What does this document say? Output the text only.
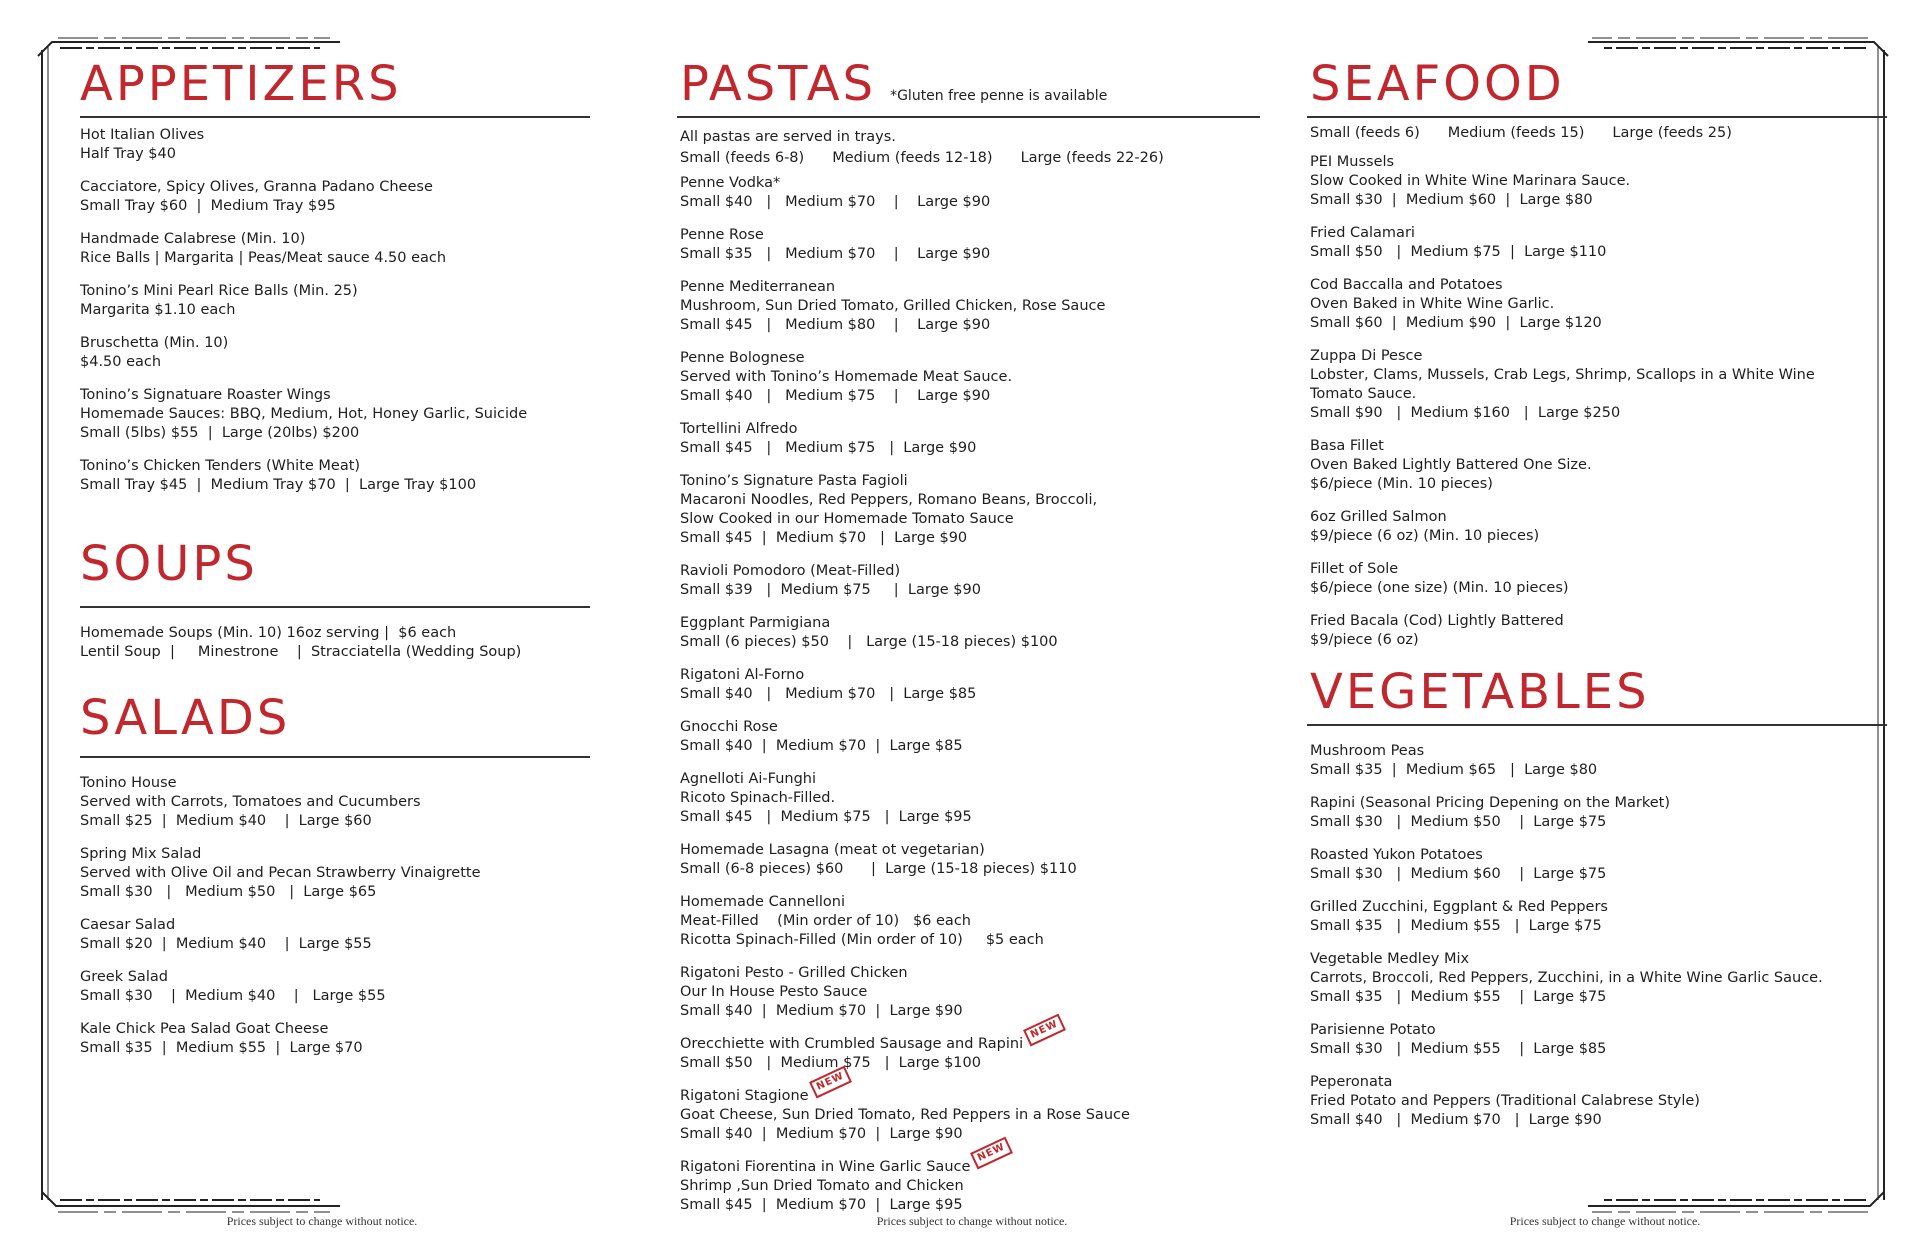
APPETIZERS
Hot Italian Olives
Half Tray $40
Cacciatore, Spicy Olives, Granna Padano Cheese
Small Tray $60  |  Medium Tray $95
Handmade Calabrese (Min. 10)
Rice Balls | Margarita | Peas/Meat sauce 4.50 each
Tonino’s Mini Pearl Rice Balls (Min. 25)
Margarita $1.10 each
Bruschetta (Min. 10)
$4.50 each
Tonino’s Signatuare Roaster Wings
Homemade Sauces: BBQ, Medium, Hot, Honey Garlic, Suicide
Small (5lbs) $55  |  Large (20lbs) $200
Tonino’s Chicken Tenders (White Meat)
Small Tray $45  |  Medium Tray $70  |  Large Tray $100
SOUPS
Homemade Soups (Min. 10) 16oz serving |  $6 each
Lentil Soup  |     Minestrone    |  Stracciatella (Wedding Soup)
SALADS
Tonino House
Served with Carrots, Tomatoes and Cucumbers
Small $25  |  Medium $40    |  Large $60
Spring Mix Salad
Served with Olive Oil and Pecan Strawberry Vinaigrette
Small $30   |   Medium $50   |  Large $65
Caesar Salad
Small $20  |  Medium $40    |  Large $55
Greek Salad
Small $30    |  Medium $40    |   Large $55
Kale Chick Pea Salad Goat Cheese
Small $35  |  Medium $55  |  Large $70
PASTAS *Gluten free penne is available
All pastas are served in trays.
Small (feeds 6-8) Medium (feeds 12-18) Large (feeds 22-26)
Penne Vodka*
Small $40   |   Medium $70    |    Large $90
Penne Rose
Small $35   |   Medium $70    |    Large $90
Penne Mediterranean
Mushroom, Sun Dried Tomato, Grilled Chicken, Rose Sauce
Small $45   |   Medium $80    |    Large $90
Penne Bolognese
Served with Tonino’s Homemade Meat Sauce.
Small $40   |   Medium $75    |    Large $90
Tortellini Alfredo
Small $45   |   Medium $75   |  Large $90
Tonino’s Signature Pasta Fagioli
Macaroni Noodles, Red Peppers, Romano Beans, Broccoli,
Slow Cooked in our Homemade Tomato Sauce
Small $45  |  Medium $70   |  Large $90
Ravioli Pomodoro (Meat-Filled)
Small $39   |  Medium $75     |  Large $90
Eggplant Parmigiana
Small (6 pieces) $50    |   Large (15-18 pieces) $100
Rigatoni Al-Forno
Small $40   |   Medium $70   |  Large $85
Gnocchi Rose
Small $40  |  Medium $70  |  Large $85
Agnelloti Ai-Funghi
Ricoto Spinach-Filled.
Small $45   |  Medium $75   |  Large $95
Homemade Lasagna (meat ot vegetarian)
Small (6-8 pieces) $60      |  Large (15-18 pieces) $110
Homemade Cannelloni
Meat-Filled    (Min order of 10)   $6 each
Ricotta Spinach-Filled (Min order of 10)     $5 each
Rigatoni Pesto - Grilled Chicken
Our In House Pesto Sauce
Small $40  |  Medium $70  |  Large $90
Orecchiette with Crumbled Sausage and Rapini
Small $50   |  Medium $75   |  Large $100
NEW
Rigatoni Stagione
Goat Cheese, Sun Dried Tomato, Red Peppers in a Rose Sauce
Small $40  |  Medium $70  |  Large $90
NEW
Rigatoni Fiorentina in Wine Garlic Sauce
Shrimp ,Sun Dried Tomato and Chicken
Small $45  |  Medium $70  |  Large $95
NEW
SEAFOOD
Small (feeds 6) Medium (feeds 15) Large (feeds 25)
PEI Mussels
Slow Cooked in White Wine Marinara Sauce.
Small $30  |  Medium $60  |  Large $80
Fried Calamari
Small $50   |  Medium $75  |  Large $110
Cod Baccalla and Potatoes
Oven Baked in White Wine Garlic.
Small $60  |  Medium $90  |  Large $120
Zuppa Di Pesce
Lobster, Clams, Mussels, Crab Legs, Shrimp, Scallops in a White Wine
Tomato Sauce.
Small $90   |  Medium $160   |  Large $250
Basa Fillet
Oven Baked Lightly Battered One Size.
$6/piece (Min. 10 pieces)
6oz Grilled Salmon
$9/piece (6 oz) (Min. 10 pieces)
Fillet of Sole
$6/piece (one size) (Min. 10 pieces)
Fried Bacala (Cod) Lightly Battered
$9/piece (6 oz)
VEGETABLES
Mushroom Peas
Small $35  |  Medium $65   |  Large $80
Rapini (Seasonal Pricing Depening on the Market)
Small $30   |  Medium $50    |  Large $75
Roasted Yukon Potatoes
Small $30   |  Medium $60    |  Large $75
Grilled Zucchini, Eggplant & Red Peppers
Small $35   |  Medium $55   |  Large $75
Vegetable Medley Mix
Carrots, Broccoli, Red Peppers, Zucchini, in a White Wine Garlic Sauce.
Small $35   |  Medium $55    |  Large $75
Parisienne Potato
Small $30   |  Medium $55    |  Large $85
Peperonata
Fried Potato and Peppers (Traditional Calabrese Style)
Small $40   |  Medium $70   |  Large $90
Prices subject to change without notice.	Prices subject to change without notice.	Prices subject to change without notice.
